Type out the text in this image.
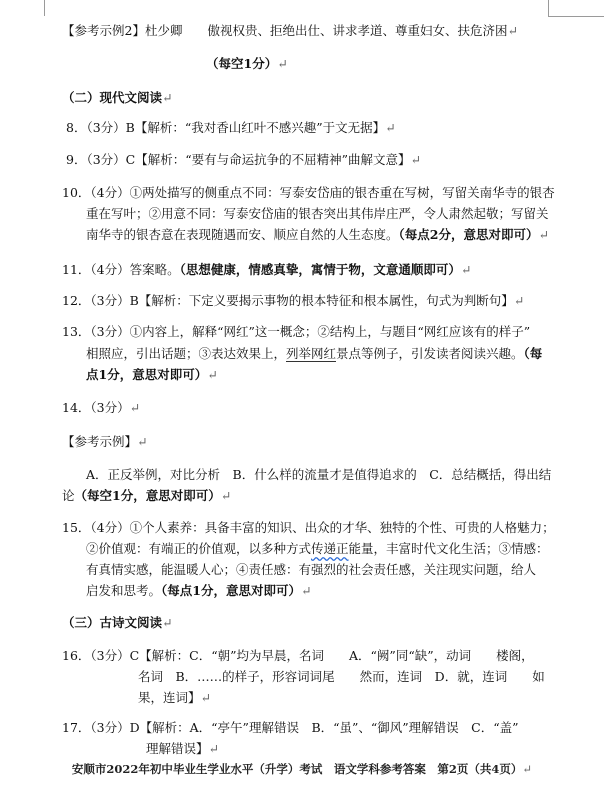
【参考示例2】杜少卿　　傲视权贵、拒绝出仕、讲求孝道、尊重妇女、扶危济困↵
（每空1分）↵
（二）现代文阅读↵
8．（3分）B【解析：“我对香山红叶不感兴趣”于文无据】↵
9．（3分）C【解析：“要有与命运抗争的不屈精神”曲解文意】↵
10．（4分）①两处描写的侧重点不同：写泰安岱庙的银杏重在写树，写留关南华寺的银杏
重在写叶；②用意不同：写泰安岱庙的银杏突出其伟岸庄严，令人肃然起敬；写留关
南华寺的银杏意在表现随遇而安、顺应自然的人生态度。（每点2分，意思对即可）↵
11．（4分）答案略。（思想健康，情感真挚，寓情于物，文意通顺即可）↵
12．（3分）B【解析：下定义要揭示事物的根本特征和根本属性，句式为判断句】↵
13．（3分）①内容上，解释“网红”这一概念；②结构上，与题目“网红应该有的样子”
相照应，引出话题；③表达效果上，列举网红景点等例子，引发读者阅读兴趣。（每
点1分，意思对即可）↵
14．（3分）↵
【参考示例】↵
A．正反举例，对比分析　B．什么样的流量才是值得追求的　C．总结概括，得出结
论（每空1分，意思对即可）↵
15．（4分）①个人素养：具备丰富的知识、出众的才华、独特的个性、可贵的人格魅力；
②价值观：有端正的价值观，以多种方式传递正能量，丰富时代文化生活；③情感：
有真情实感，能温暖人心；④责任感：有强烈的社会责任感，关注现实问题，给人
启发和思考。（每点1分，意思对即可）↵
（三）古诗文阅读↵
16．（3分）C【解析：C．“朝”均为早晨，名词　　A．“阙”同“缺”，动词　　楼阁，
名词　B．……的样子，形容词词尾　　然而，连词　D．就，连词　　如
果，连词】↵
17．（3分）D【解析：A．“亭午”理解错误　B．“虽”、“御风”理解错误　C．“盖”
理解错误】↵
安顺市2022年初中毕业生学业水平（升学）考试　语文学科参考答案　第2页（共4页）↵
